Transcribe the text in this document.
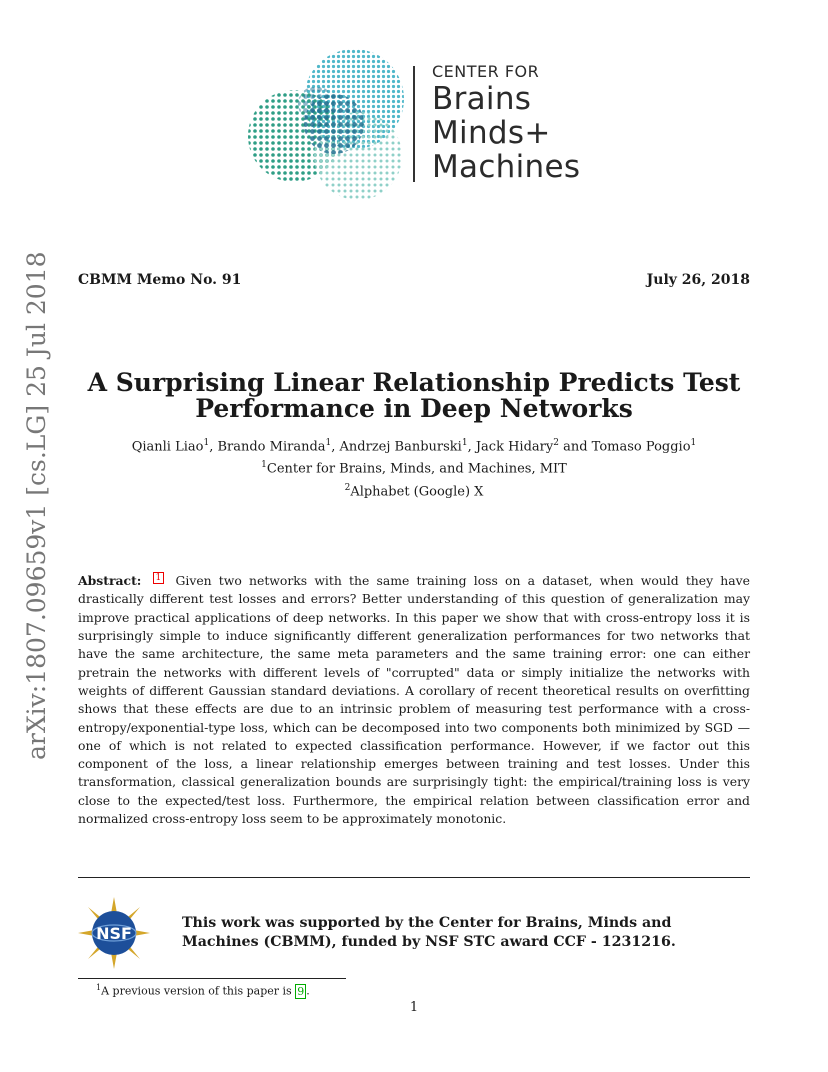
CENTER FOR
Brains
Minds+
Machines
arXiv:1807.09659v1 [cs.LG] 25 Jul 2018	CBMM Memo No. 91	July 26, 2018
A Surprising Linear Relationship Predicts Test
Performance in Deep Networks
Qianli Liao$^1$, Brando Miranda$^1$, Andrzej Banburski$^1$, Jack Hidary$^2$ and Tomaso Poggio$^1$
$^1$Center for Brains, Minds, and Machines, MIT
$^2$Alphabet (Google) X
Abstract: 1 Given two networks with the same training loss on a dataset, when would they have drastically different test losses and errors? Better understanding of this question of generalization may improve practical applications of deep networks. In this paper we show that with cross-entropy loss it is surprisingly simple to induce significantly different generalization performances for two networks that have the same architecture, the same meta parameters and the same training error: one can either pretrain the networks with different levels of "corrupted" data or simply initialize the networks with weights of different Gaussian standard deviations. A corollary of recent theoretical results on overfitting shows that these effects are due to an intrinsic problem of measuring test performance with a cross-entropy/exponential-type loss, which can be decomposed into two components both minimized by SGD — one of which is not related to expected classification performance. However, if we factor out this component of the loss, a linear relationship emerges between training and test losses. Under this transformation, classical generalization bounds are surprisingly tight: the empirical/training loss is very close to the expected/test loss. Furthermore, the empirical relation between classification error and normalized cross-entropy loss seem to be approximately monotonic.
NSF
This work was supported by the Center for Brains, Minds and Machines (CBMM), funded by NSF STC award CCF - 1231216.
$^1$A previous version of this paper is 9 .
1
